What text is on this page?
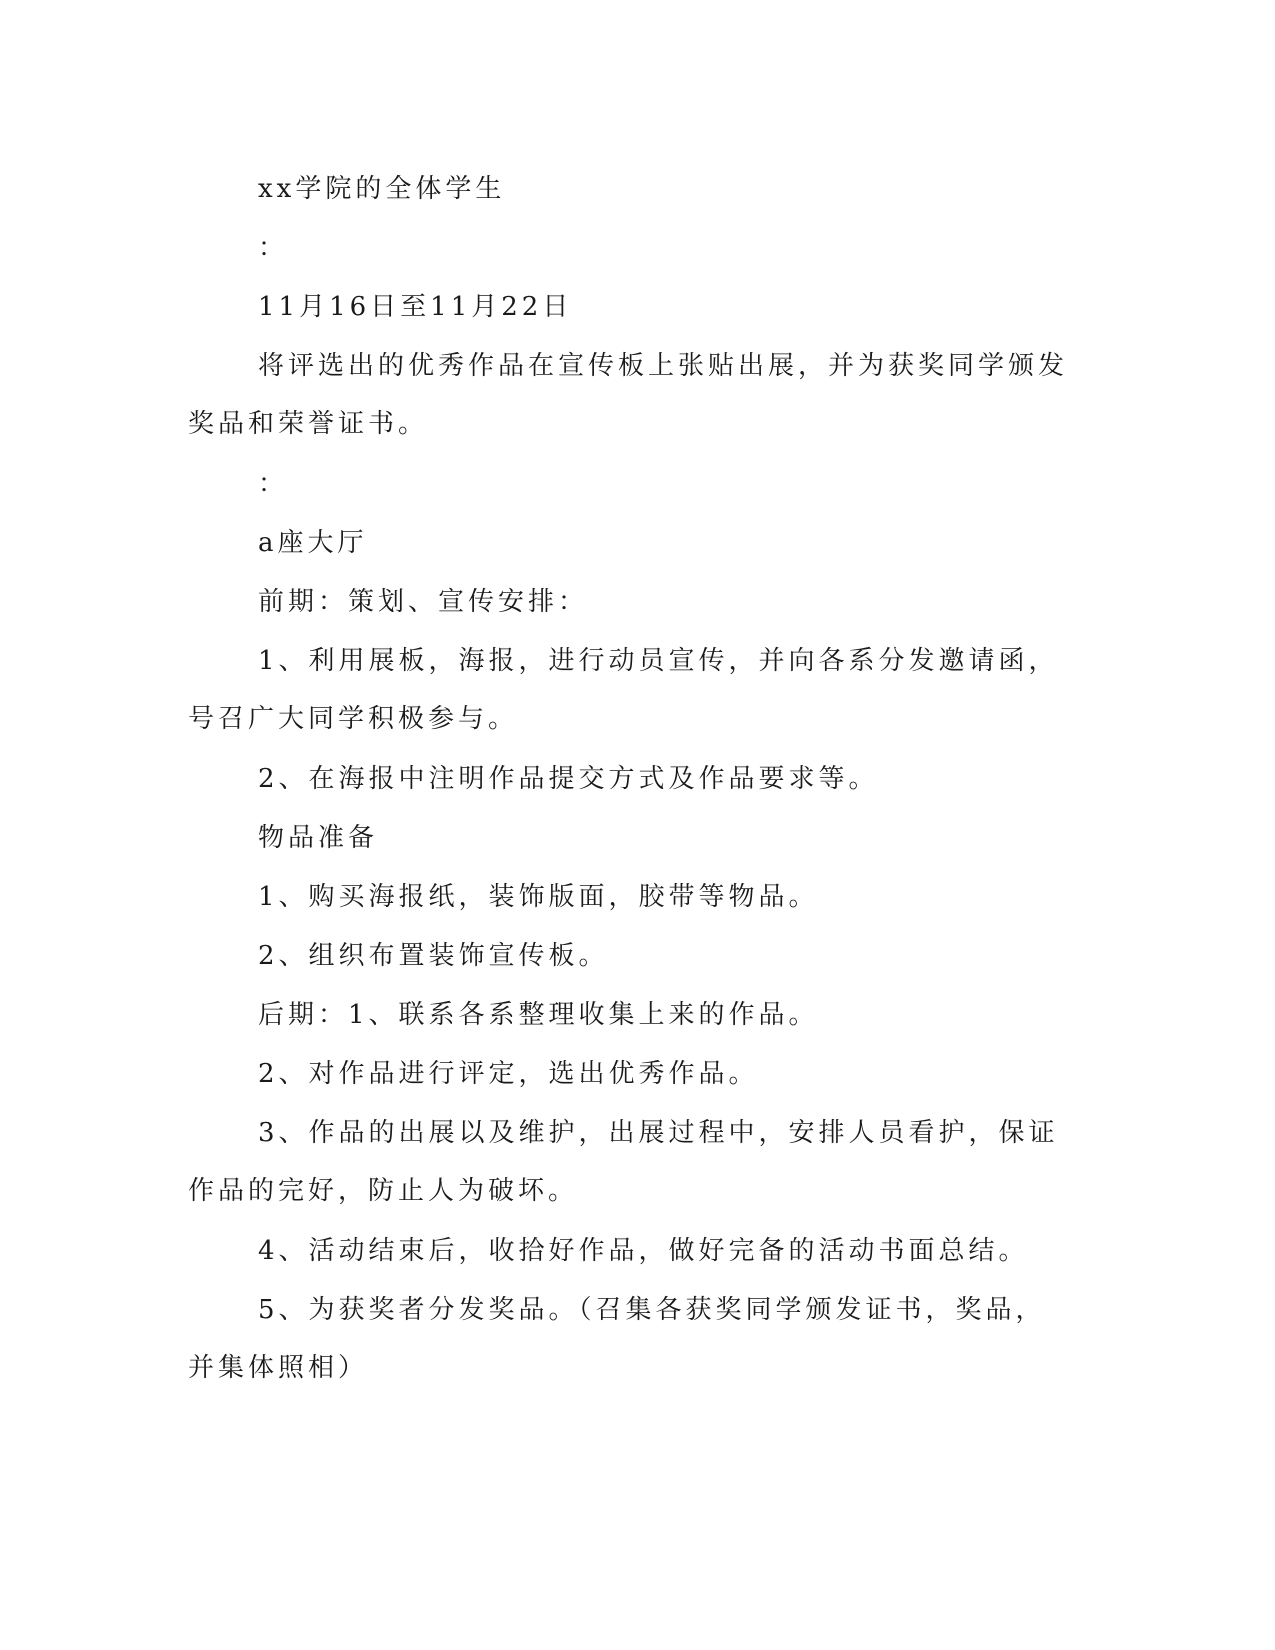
xx学院的全体学生

：

11月16日至11月22日

将评选出的优秀作品在宣传板上张贴出展，并为获奖同学颁发奖品和荣誉证书。

：

a座大厅

前期：策划、宣传安排：

1、利用展板，海报，进行动员宣传，并向各系分发邀请函，号召广大同学积极参与。

2、在海报中注明作品提交方式及作品要求等。

物品准备

1、购买海报纸，装饰版面，胶带等物品。

2、组织布置装饰宣传板。

后期：1、联系各系整理收集上来的作品。

2、对作品进行评定，选出优秀作品。

3、作品的出展以及维护，出展过程中，安排人员看护，保证作品的完好，防止人为破坏。

4、活动结束后，收拾好作品，做好完备的活动书面总结。

5、为获奖者分发奖品。（召集各获奖同学颁发证书，奖品，并集体照相）
